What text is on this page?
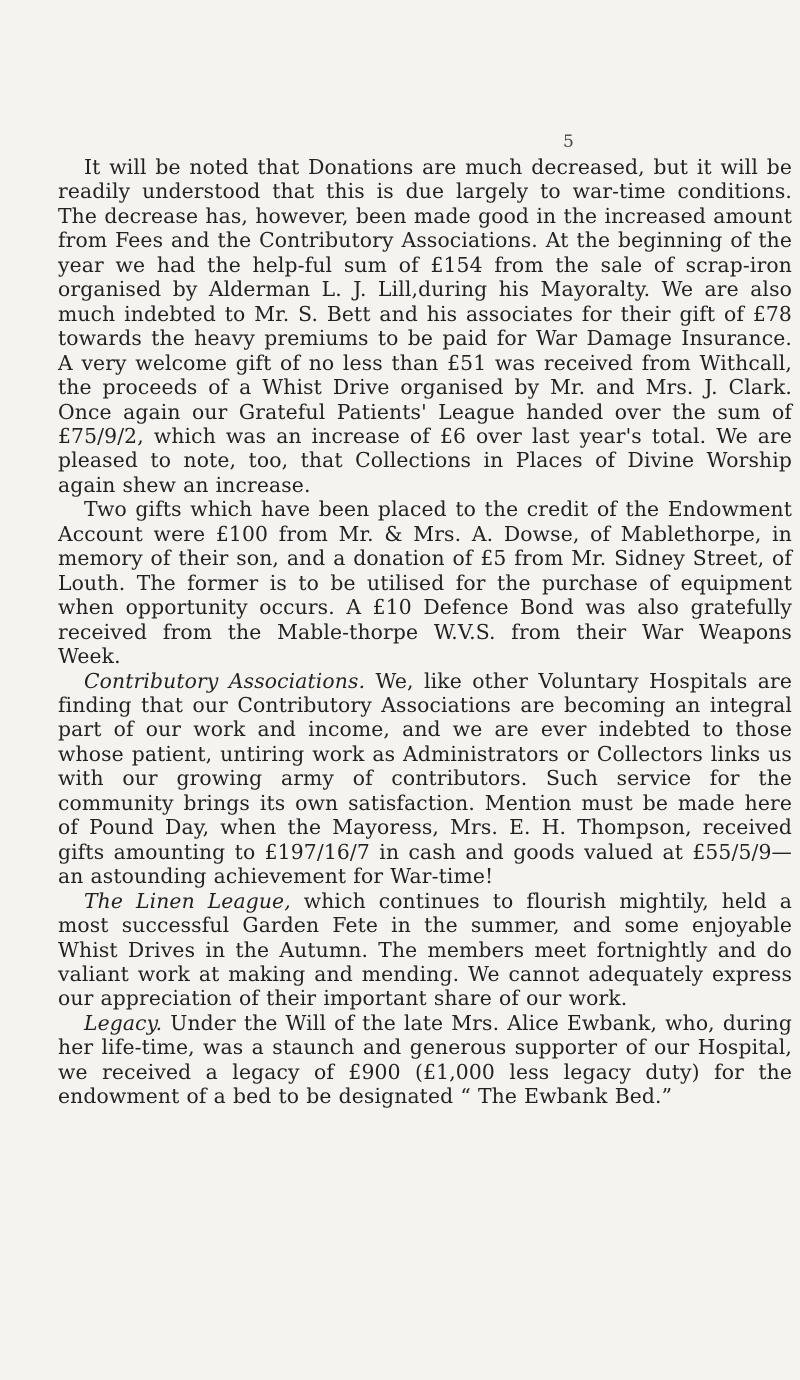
5

It will be noted that Donations are much decreased, but it will be readily understood that this is due largely to war-time conditions. The decrease has, however, been made good in the increased amount from Fees and the Contributory Associations. At the beginning of the year we had the help-ful sum of £154 from the sale of scrap-iron organised by Alderman L. J. Lill,during his Mayoralty. We are also much indebted to Mr. S. Bett and his associates for their gift of £78 towards the heavy premiums to be paid for War Damage Insurance. A very welcome gift of no less than £51 was received from Withcall, the proceeds of a Whist Drive organised by Mr. and Mrs. J. Clark. Once again our Grateful Patients' League handed over the sum of £75/9/2, which was an increase of £6 over last year's total. We are pleased to note, too, that Collections in Places of Divine Worship again shew an increase.

Two gifts which have been placed to the credit of the Endowment Account were £100 from Mr. & Mrs. A. Dowse, of Mablethorpe, in memory of their son, and a donation of £5 from Mr. Sidney Street, of Louth. The former is to be utilised for the purchase of equipment when opportunity occurs. A £10 Defence Bond was also gratefully received from the Mable-thorpe W.V.S. from their War Weapons Week.

Contributory Associations. We, like other Voluntary Hospitals are finding that our Contributory Associations are becoming an integral part of our work and income, and we are ever indebted to those whose patient, untiring work as Administrators or Collectors links us with our growing army of contributors. Such service for the community brings its own satisfaction. Mention must be made here of Pound Day, when the Mayoress, Mrs. E. H. Thompson, received gifts amounting to £197/16/7 in cash and goods valued at £55/5/9— an astounding achievement for War-time!

The Linen League, which continues to flourish mightily, held a most successful Garden Fete in the summer, and some enjoyable Whist Drives in the Autumn. The members meet fortnightly and do valiant work at making and mending. We cannot adequately express our appreciation of their important share of our work.

Legacy. Under the Will of the late Mrs. Alice Ewbank, who, during her life-time, was a staunch and generous supporter of our Hospital, we received a legacy of £900 (£1,000 less legacy duty) for the endowment of a bed to be designated “ The Ewbank Bed.”
